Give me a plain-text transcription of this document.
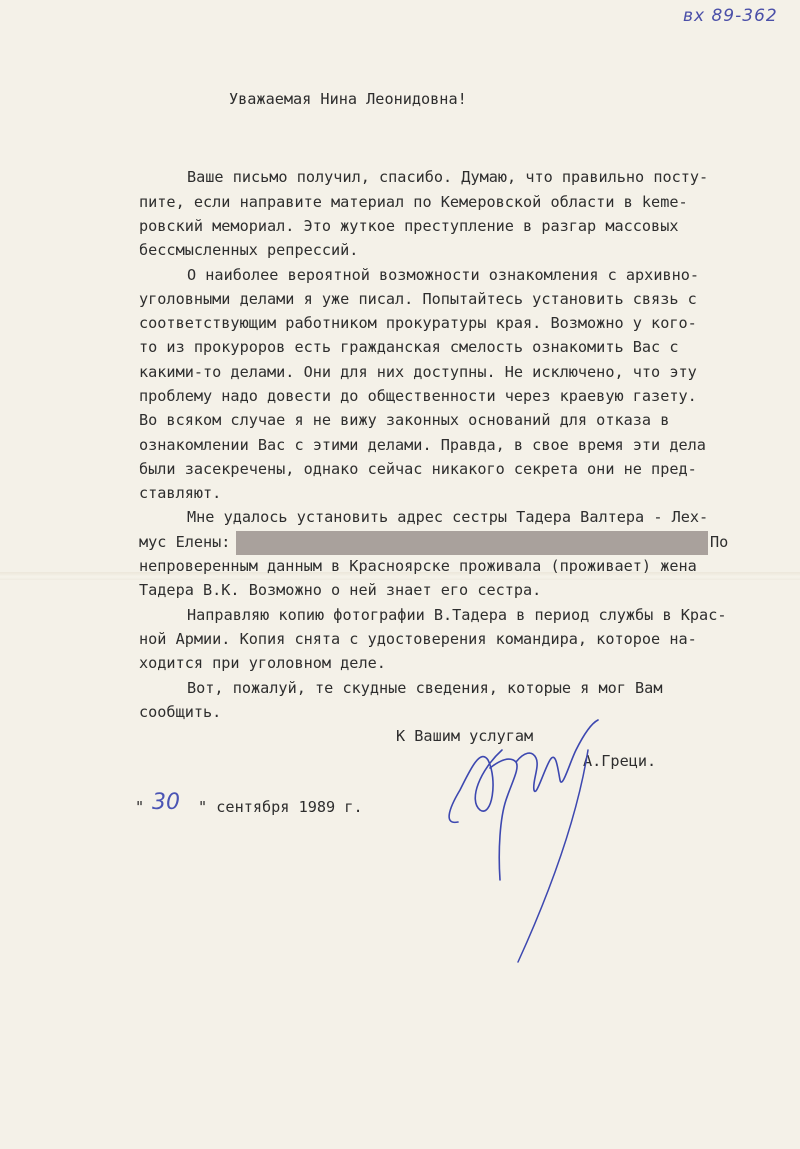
вх 89-362
Уважаемая Нина Леонидовна!
Ваше письмо получил, спасибо. Думаю, что правильно посту-
пите, если направите материал по Кемеровской области в keme-
ровский мемориал. Это жуткое преступление в разгар массовых
бессмысленных репрессий.
О наиболее вероятной возможности ознакомления с архивно-
уголовными делами я уже писал. Попытайтесь установить связь с
соответствующим работником прокуратуры края. Возможно у кого-
то из прокуроров есть гражданская смелость ознакомить Вас с
какими-то делами. Они для них доступны. Не исключено, что эту
проблему надо довести до общественности через краевую газету.
Во всяком случае я не вижу законных оснований для отказа в
ознакомлении Вас с этими делами. Правда, в свое время эти дела
были засекречены, однако сейчас никакого секрета они не пред-
ставляют.
Мне удалось установить адрес сестры Тадера Валтера - Лех-
мус Елены:	По
непроверенным данным в Красноярске проживала (проживает) жена
Тадера В.К. Возможно о ней знает его сестра.
Направляю копию фотографии В.Тадера в период службы в Крас-
ной Армии. Копия снята с удостоверения командира, которое на-
ходится при уголовном деле.
Вот, пожалуй, те скудные сведения, которые я мог Вам
сообщить.
К Вашим услугам
А.Греци.
" 30 " сентября 1989 г.
